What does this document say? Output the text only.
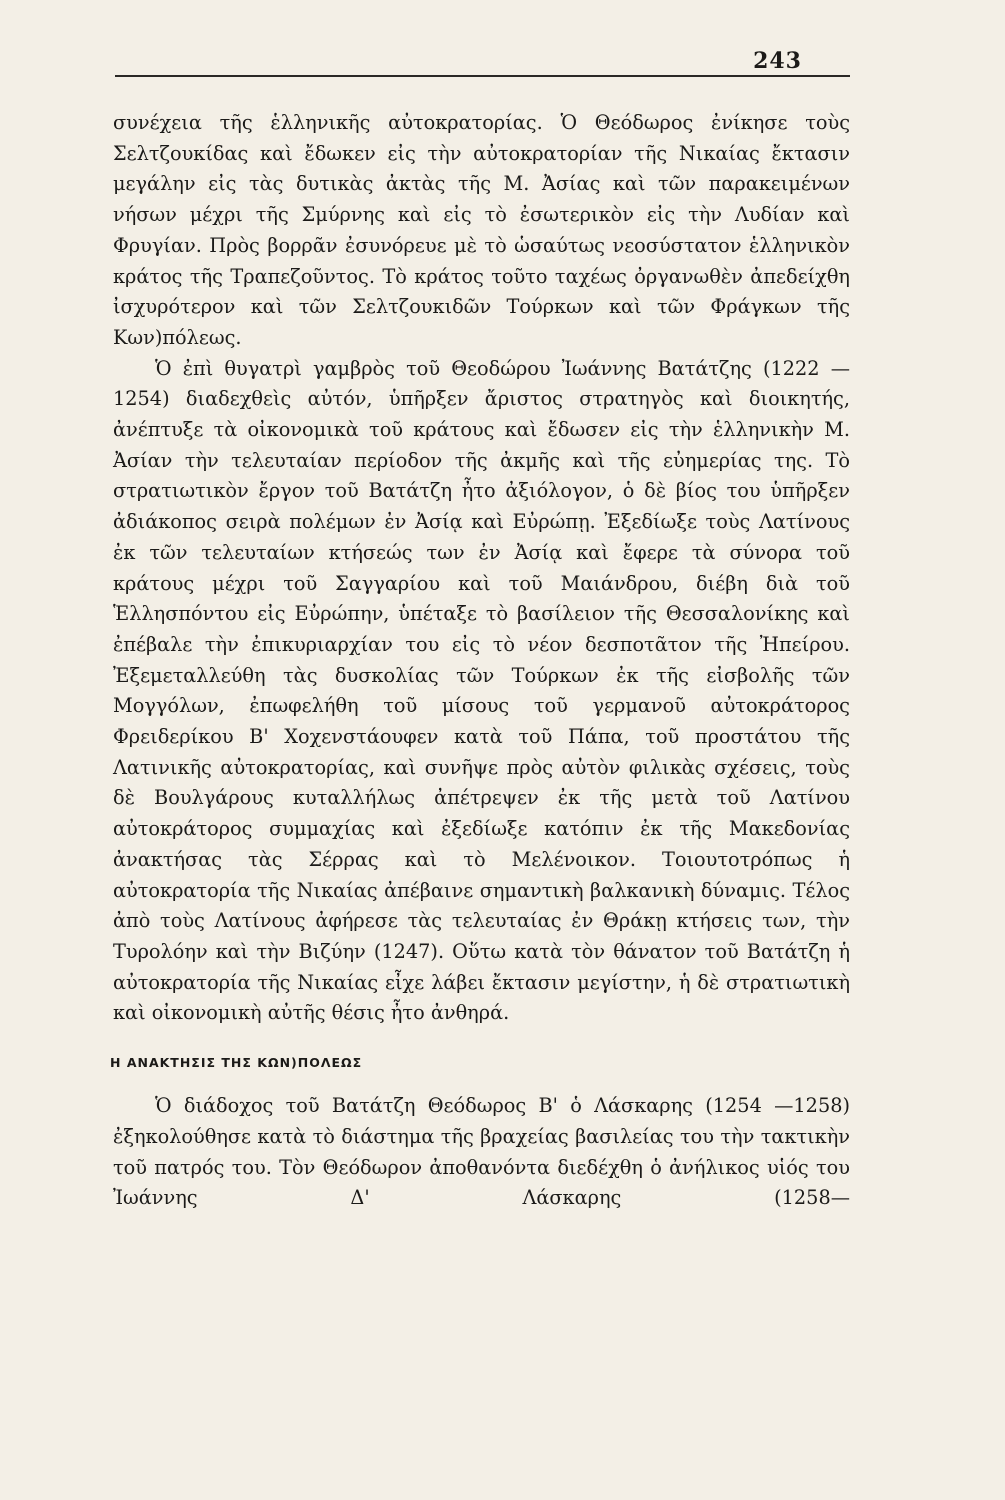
243

συνέχεια τῆς ἑλληνικῆς αὐτοκρατορίας. Ὁ Θεόδωρος ἐνίκησε τοὺς Σελτζουκίδας καὶ ἔδωκεν εἰς τὴν αὐτοκρατορίαν τῆς Νικαίας ἔκτασιν μεγάλην εἰς τὰς δυτικὰς ἀκτὰς τῆς Μ. Ἀσίας καὶ τῶν παρακειμένων νήσων μέχρι τῆς Σμύρνης καὶ εἰς τὸ ἐσωτερικὸν εἰς τὴν Λυδίαν καὶ Φρυγίαν. Πρὸς βορρᾶν ἐσυνόρευε μὲ τὸ ὡσαύτως νεοσύστατον ἑλληνικὸν κράτος τῆς Τραπεζοῦντος. Τὸ κράτος τοῦτο ταχέως ὀργανωθὲν ἀπεδείχθη ἰσχυρότερον καὶ τῶν Σελτζουκιδῶν Τούρκων καὶ τῶν Φράγκων τῆς Κων)πόλεως.

Ὁ ἐπὶ θυγατρὶ γαμβρὸς τοῦ Θεοδώρου Ἰωάννης Βατάτζης (1222 — 1254) διαδεχθεὶς αὐτόν, ὑπῆρξεν ἄριστος στρατηγὸς καὶ διοικητής, ἀνέπτυξε τὰ οἰκονομικὰ τοῦ κράτους καὶ ἔδωσεν εἰς τὴν ἑλληνικὴν Μ. Ἀσίαν τὴν τελευταίαν περίοδον τῆς ἀκμῆς καὶ τῆς εὐημερίας της. Τὸ στρατιωτικὸν ἔργον τοῦ Βατάτζη ἦτο ἀξιόλογον, ὁ δὲ βίος του ὑπῆρξεν ἀδιάκοπος σειρὰ πολέμων ἐν Ἀσίᾳ καὶ Εὐρώπῃ. Ἐξεδίωξε τοὺς Λατίνους ἐκ τῶν τελευταίων κτήσεώς των ἐν Ἀσίᾳ καὶ ἔφερε τὰ σύνορα τοῦ κράτους μέχρι τοῦ Σαγγαρίου καὶ τοῦ Μαιάνδρου, διέβη διὰ τοῦ Ἑλλησπόντου εἰς Εὐρώπην, ὑπέταξε τὸ βασίλειον τῆς Θεσσαλονίκης καὶ ἐπέβαλε τὴν ἐπικυριαρχίαν του εἰς τὸ νέον δεσποτᾶτον τῆς Ἠπείρου. Ἐξεμεταλλεύθη τὰς δυσκολίας τῶν Τούρκων ἐκ τῆς εἰσβολῆς τῶν Μογγόλων, ἐπωφελήθη τοῦ μίσους τοῦ γερμανοῦ αὐτοκράτορος Φρειδερίκου Β' Χοχενστάουφεν κατὰ τοῦ Πάπα, τοῦ προστάτου τῆς Λατινικῆς αὐτοκρατορίας, καὶ συνῆψε πρὸς αὐτὸν φιλικὰς σχέσεις, τοὺς δὲ Βουλγάρους κυταλλήλως ἀπέτρεψεν ἐκ τῆς μετὰ τοῦ Λατίνου αὐτοκράτορος συμμαχίας καὶ ἐξεδίωξε κατόπιν ἐκ τῆς Μακεδονίας ἀνακτήσας τὰς Σέρρας καὶ τὸ Μελένοικον. Τοιουτοτρόπως ἡ αὐτοκρατορία τῆς Νικαίας ἀπέβαινε σημαντικὴ βαλκανικὴ δύναμις. Τέλος ἀπὸ τοὺς Λατίνους ἀφήρεσε τὰς τελευταίας ἐν Θράκῃ κτήσεις των, τὴν Τυρολόην καὶ τὴν Βιζύην (1247). Οὕτω κατὰ τὸν θάνατον τοῦ Βατάτζη ἡ αὐτοκρατορία τῆς Νικαίας εἶχε λάβει ἔκτασιν μεγίστην, ἡ δὲ στρατιωτικὴ καὶ οἰκονομικὴ αὐτῆς θέσις ἦτο ἀνθηρά.

Η ΑΝΑΚΤΗΣΙΣ ΤΗΣ ΚΩΝ)ΠΟΛΕΩΣ

Ὁ διάδοχος τοῦ Βατάτζη Θεόδωρος Β' ὁ Λάσκαρης (1254 —1258) ἐξηκολούθησε κατὰ τὸ διάστημα τῆς βραχείας βασιλείας του τὴν τακτικὴν τοῦ πατρός του. Τὸν Θεόδωρον ἀποθανόντα διεδέχθη ὁ ἀνήλικος υἱός του Ἰωάννης Δ' Λάσκαρης (1258—
